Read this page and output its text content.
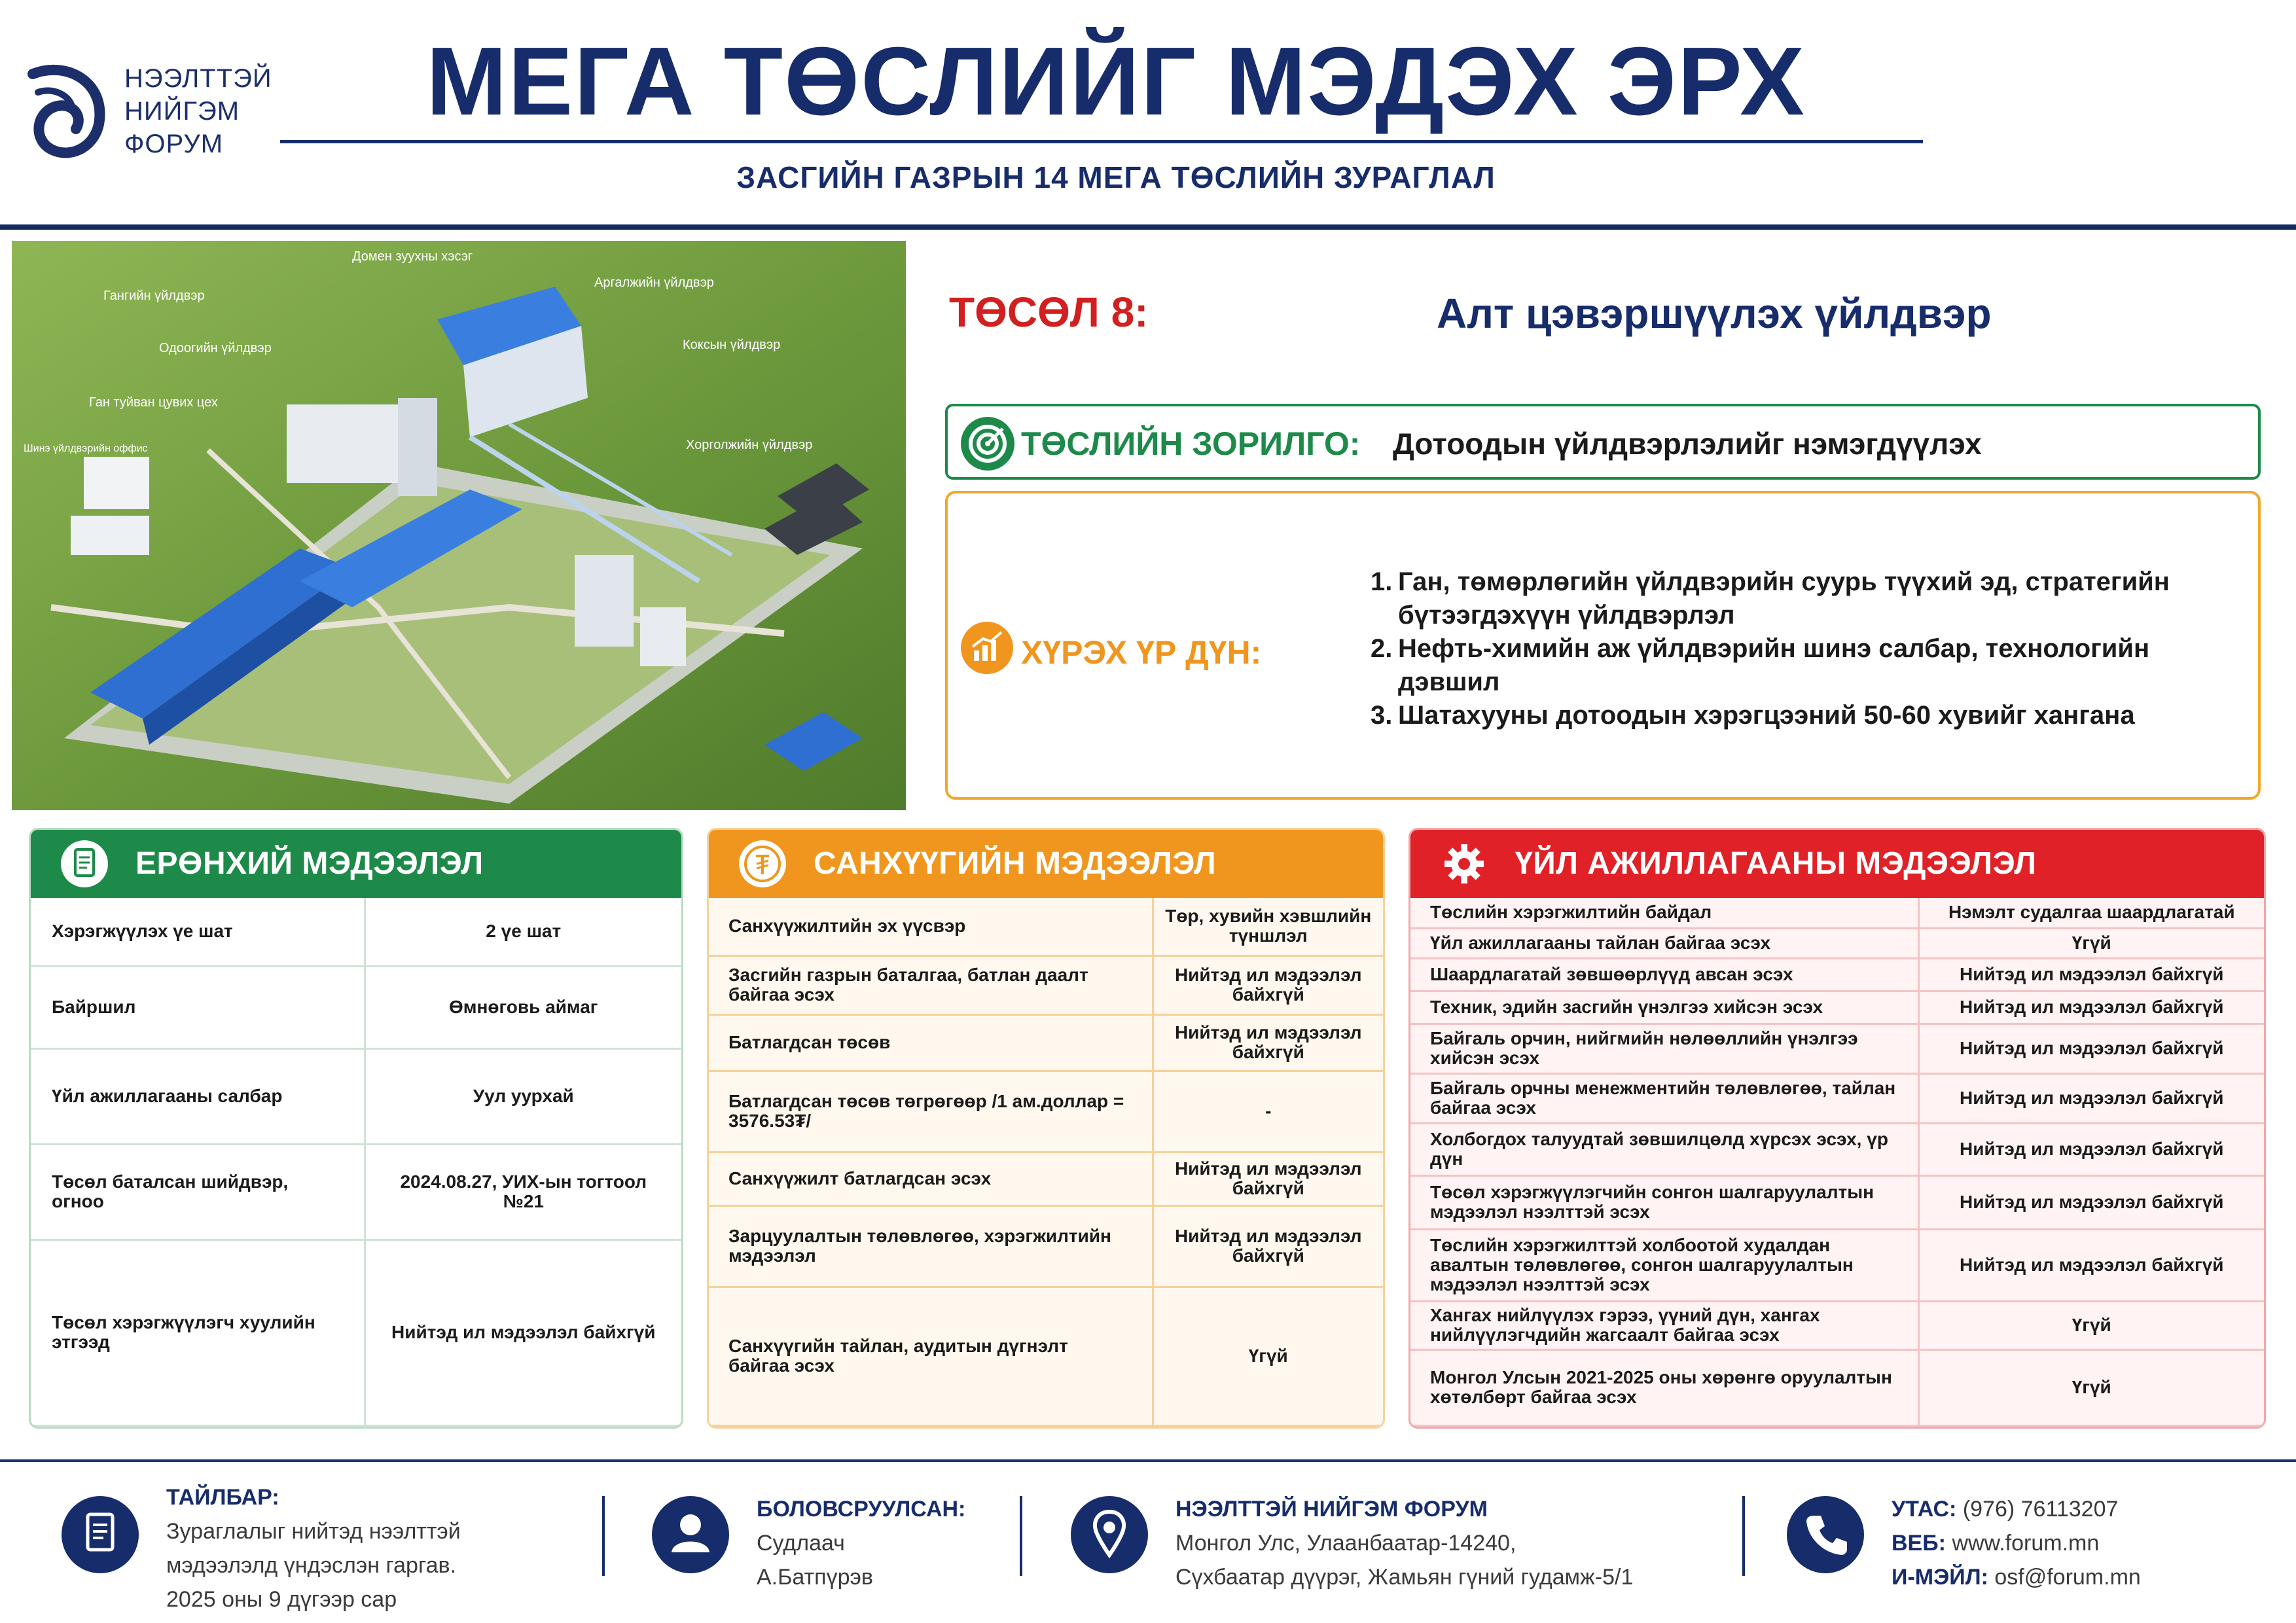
НЭЭЛТТЭЙ
НИЙГЭМ
ФОРУМ
МЕГА ТӨСЛИЙГ МЭДЭХ ЭРХ
ЗАСГИЙН ГАЗРЫН 14 МЕГА ТӨСЛИЙН ЗУРАГЛАЛ
Домен зуухны хэсэг
Гангийн үйлдвэр
Аргалжийн үйлдвэр
Одоогийн үйлдвэр	Коксын үйлдвэр
Ган туйван цувих цех
Хорголжийн үйлдвэр
Шинэ үйлдвэрийн оффис
ТӨСӨЛ 8:	Алт цэвэршүүлэх үйлдвэр
ТӨСЛИЙН ЗОРИЛГО: Дотоодын үйлдвэрлэлийг нэмэгдүүлэх
ХҮРЭХ ҮР ДҮН:
1. Ган, төмөрлөгийн үйлдвэрийн суурь түүхий эд, стратегийн бүтээгдэхүүн үйлдвэрлэл
2. Нефть-химийн аж үйлдвэрийн шинэ салбар, технологийн дэвшил
3. Шатахууны дотоодын хэрэгцээний 50-60 хувийг хангана
ЕРӨНХИЙ МЭДЭЭЛЭЛ
Хэрэгжүүлэх үе шат	2 үе шат
Байршил	Өмнөговь аймаг
Үйл ажиллагааны салбар	Уул уурхай
Төсөл баталсан шийдвэр, огноо	2024.08.27, УИХ-ын тогтоол №21
Төсөл хэрэгжүүлэгч хуулийн этгээд	Нийтэд ил мэдээлэл байхгүй
САНХҮҮГИЙН МЭДЭЭЛЭЛ
Санхүүжилтийн эх үүсвэр	Төр, хувийн хэвшлийн түншлэл
Засгийн газрын баталгаа, батлан даалт байгаа эсэх	Нийтэд ил мэдээлэл байхгүй
Батлагдсан төсөв	Нийтэд ил мэдээлэл байхгүй
Батлагдсан төсөв төгрөгөөр /1 ам.доллар = 3576.53₮/	-
Санхүүжилт батлагдсан эсэх	Нийтэд ил мэдээлэл байхгүй
Зарцуулалтын төлөвлөгөө, хэрэгжилтийн мэдээлэл	Нийтэд ил мэдээлэл байхгүй
Санхүүгийн тайлан, аудитын дүгнэлт байгаа эсэх	Үгүй
ҮЙЛ АЖИЛЛАГААНЫ МЭДЭЭЛЭЛ
Төслийн хэрэгжилтийн байдал	Нэмэлт судалгаа шаардлагатай
Үйл ажиллагааны тайлан байгаа эсэх	Үгүй
Шаардлагатай зөвшөөрлүүд авсан эсэх	Нийтэд ил мэдээлэл байхгүй
Техник, эдийн засгийн үнэлгээ хийсэн эсэх	Нийтэд ил мэдээлэл байхгүй
Байгаль орчин, нийгмийн нөлөөллийн үнэлгээ хийсэн эсэх	Нийтэд ил мэдээлэл байхгүй
Байгаль орчны менежментийн төлөвлөгөө, тайлан байгаа эсэх	Нийтэд ил мэдээлэл байхгүй
Холбогдох талуудтай зөвшилцөлд хүрсэх эсэх, үр дүн	Нийтэд ил мэдээлэл байхгүй
Төсөл хэрэгжүүлэгчийн сонгон шалгаруулалтын мэдээлэл нээлттэй эсэх	Нийтэд ил мэдээлэл байхгүй
Төслийн хэрэгжилттэй холбоотой худалдан авалтын төлөвлөгөө, сонгон шалгаруулалтын мэдээлэл нээлттэй эсэх	Нийтэд ил мэдээлэл байхгүй
Хангах нийлүүлэх гэрээ, үүний дүн, хангах нийлүүлэгчдийн жагсаалт байгаа эсэх	Үгүй
Монгол Улсын 2021-2025 оны хөрөнгө оруулалтын хөтөлбөрт байгаа эсэх	Үгүй
ТАЙЛБАР:
Зураглалыг нийтэд нээлттэй
мэдээлэлд үндэслэн гаргав.
2025 оны 9 дүгээр сар
БОЛОВСРУУЛСАН:
Судлаач
А.Батпүрэв
НЭЭЛТТЭЙ НИЙГЭМ ФОРУМ
Монгол Улс, Улаанбаатар-14240,
Сүхбаатар дүүрэг, Жамьян гүний гудамж-5/1
УТАС: (976) 76113207
ВЕБ: www.forum.mn
И-МЭЙЛ: osf@forum.mn
